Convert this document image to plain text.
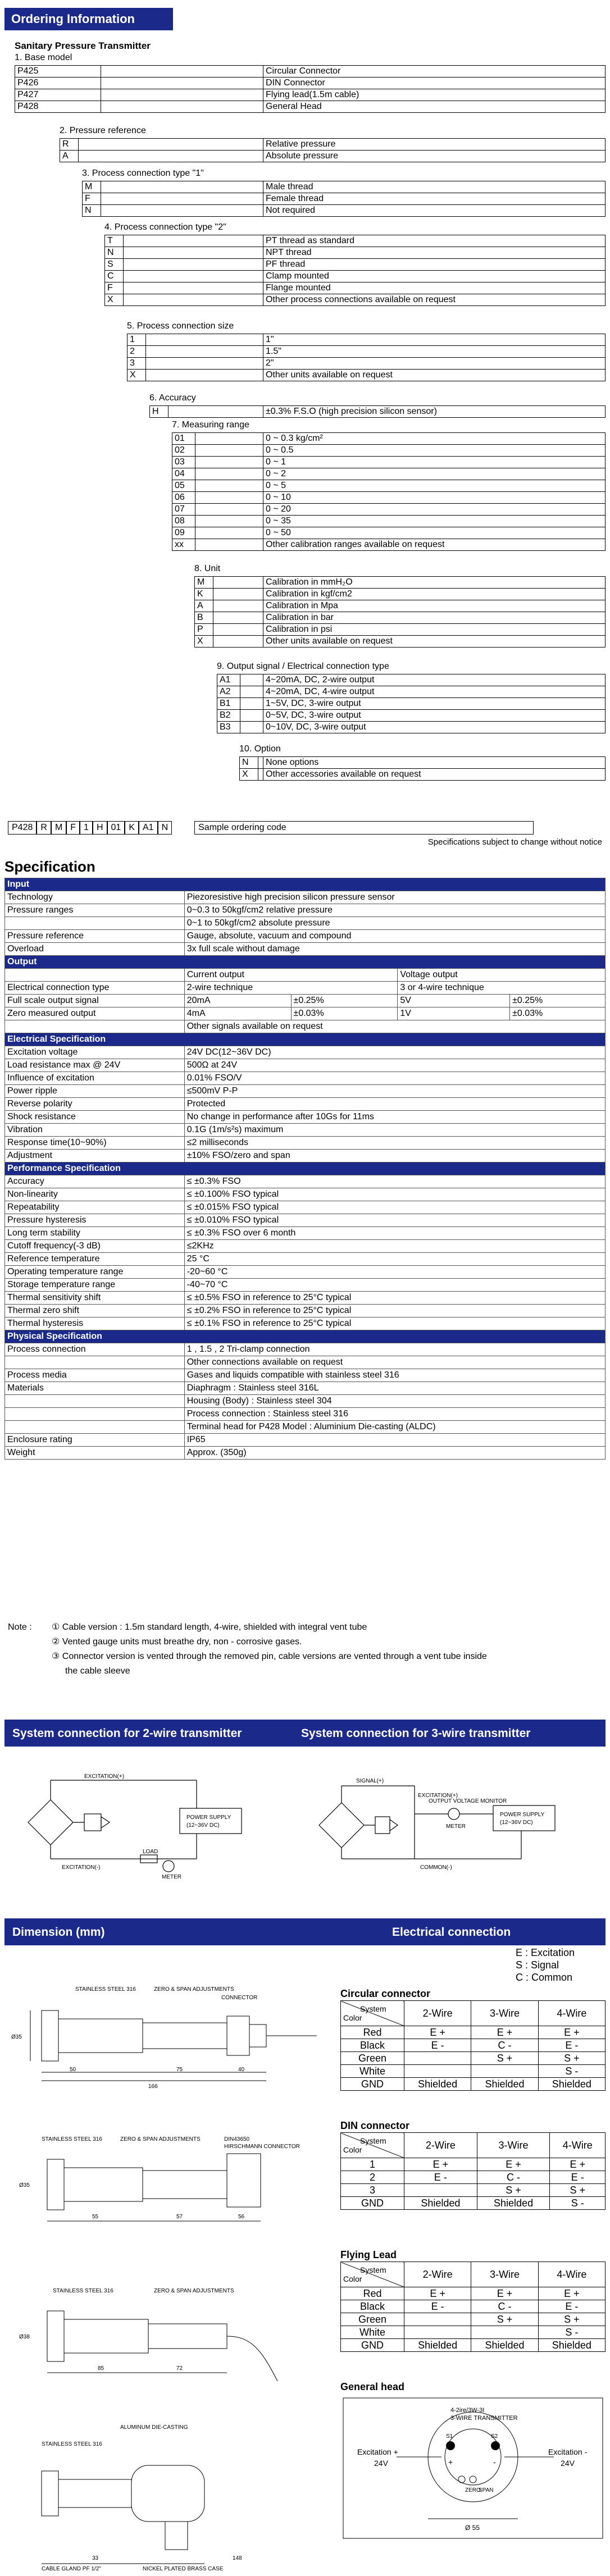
Ordering Information
Sanitary Pressure Transmitter
1. Base model
P425		Circular Connector
P426		DIN Connector
P427		Flying lead(1.5m cable)
P428		General Head
2. Pressure reference
R		Relative pressure
A		Absolute pressure
3. Process connection type "1"
M		Male thread
F		Female thread
N		Not required
4. Process connection type "2"
T		PT thread as standard
N		NPT thread
S		PF thread
C		Clamp mounted
F		Flange mounted
X		Other process connections available on request
5. Process connection size
1		1"
2		1.5"
3		2"
X		Other units available on request
6. Accuracy
H		±0.3% F.S.O (high precision silicon sensor)
7. Measuring range
01		0 ~ 0.3 kg/cm²
02		0 ~ 0.5
03		0 ~ 1
04		0 ~ 2
05		0 ~ 5
06		0 ~ 10
07		0 ~ 20
08		0 ~ 35
09		0 ~ 50
xx		Other calibration ranges available on request
8. Unit
M		Calibration in mmH₂O
K		Calibration in kgf/cm2
A		Calibration in Mpa
B		Calibration in bar
P		Calibration in psi
X		Other units available on request
9. Output signal / Electrical connection type
A1		4~20mA, DC, 2-wire output
A2		4~20mA, DC, 4-wire output
B1		1~5V, DC, 3-wire output
B2		0~5V, DC, 3-wire output
B3		0~10V, DC, 3-wire output
10. Option
N		None options
X		Other accessories available on request
P428 R M F 1 H 01 K A1 N	Sample ordering code
Specifications subject to change without notice
Specification
Input				
Technology	Piezoresistive high precision silicon pressure sensor			
Pressure ranges	0~0.3 to 50kgf/cm2 relative pressure			
	0~1 to 50kgf/cm2 absolute pressure			
Pressure reference	Gauge, absolute, vacuum and compound			
Overload	3x full scale without damage			
Output				
	Current output		Voltage output	
Electrical connection type	2-wire technique		3 or 4-wire technique	
Full scale output signal	20mA	±0.25%	5V	±0.25%
Zero measured output	4mA	±0.03%	1V	±0.03%
	Other signals available on request			
Electrical Specification				
Excitation voltage	24V DC(12~36V DC)			
Load resistance max @ 24V	500Ω at 24V			
Influence of excitation	0.01% FSO/V			
Power ripple	≤500mV P-P			
Reverse polarity	Protected			
Shock resistance	No change in performance after 10Gs for 11ms			
Vibration	0.1G (1m/s²s) maximum			
Response time(10~90%)	≤2 milliseconds			
Adjustment	±10% FSO/zero and span			
Performance Specification				
Accuracy	≤ ±0.3% FSO			
Non-linearity	≤ ±0.100% FSO typical			
Repeatability	≤ ±0.015% FSO typical			
Pressure hysteresis	≤ ±0.010% FSO typical			
Long term stability	≤ ±0.3% FSO over 6 month			
Cutoff frequency(-3 dB)	≤2KHz			
Reference temperature	25 °C			
Operating temperature range	-20~60 °C			
Storage temperature range	-40~70 °C			
Thermal sensitivity shift	≤ ±0.5% FSO in reference to 25°C typical			
Thermal zero shift	≤ ±0.2% FSO in reference to 25°C typical			
Thermal hysteresis	≤ ±0.1% FSO in reference to 25°C typical			
Physical Specification				
Process connection	1 , 1.5 , 2 Tri-clamp connection			
	Other connections available on request			
Process media	Gases and liquids compatible with stainless steel 316			
Materials	Diaphragm : Stainless steel 316L			
	Housing (Body) : Stainless steel 304			
	Process connection : Stainless steel 316			
	Terminal head for P428 Model : Aluminium Die-casting (ALDC)			
Enclosure rating	IP65			
Weight	Approx. (350g)			
Note : ① Cable version : 1.5m standard length, 4-wire, shielded with integral vent tube
② Vented gauge units must breathe dry, non - corrosive gases.
③ Connector version is vented through the removed pin, cable versions are vented through a vent tube inside
the cable sleeve
System connection for 2-wire transmitter	System connection for 3-wire transmitter
EXCITATION(+)
EXCITATION(-)
LOAD
METER
POWER SUPPLY
(12~36V DC)
SIGNAL(+)
EXCITATION(+)
COMMON(-)
OUTPUT VOLTAGE MONITOR
METER
POWER SUPPLY
(12~36V DC)
Dimension (mm)	Electrical connection
STAINLESS STEEL 316	ZERO & SPAN ADJUSTMENTS
CONNECTOR
Ø35
50	75	40
166
STAINLESS STEEL 316	ZERO & SPAN ADJUSTMENTS	DIN43650
HIRSCHMANN CONNECTOR
Ø35
55	57	56
STAINLESS STEEL 316	ZERO & SPAN ADJUSTMENTS
Ø38
85	72
ALUMINUM DIE-CASTING
STAINLESS STEEL 316
CABLE GLAND PF 1/2"	NICKEL PLATED BRASS CASE
33	148
E : Excitation
S : Signal
C : Common
Circular connector
System
Color	2-Wire	3-Wire	4-Wire
Red	E +	E +	E +
Black	E -	C -	E -
Green		S +	S +
White			S -
GND	Shielded	Shielded	Shielded
DIN connector
System
Color	2-Wire	3-Wire	4-Wire
1	E +	E +	E +
2	E -	C -	E -
3		S +	S +
GND	Shielded	Shielded	S -
Flying Lead
System
Color	2-Wire	3-Wire	4-Wire
Red	E +	E +	E +
Black	E -	C -	E -
Green		S +	S +
White			S -
GND	Shielded	Shielded	Shielded
General head
4-2ire/3W-3I
3-WIRE TRANSMITTER
Excitation +
24V
Excitation -
24V
ZERO
SPAN
S1	S2
+	-
Ø 55
